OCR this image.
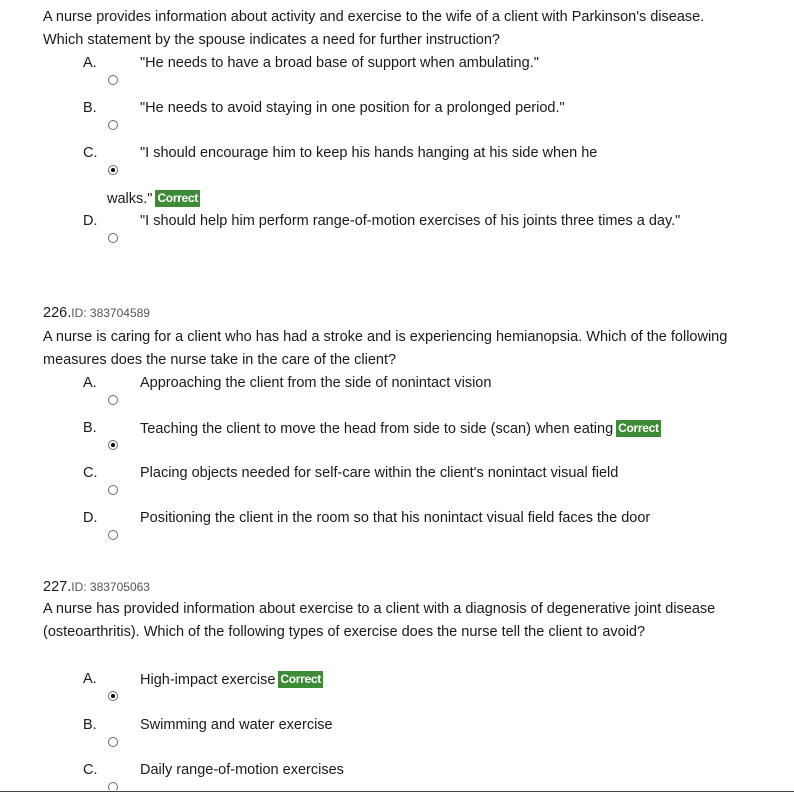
A nurse provides information about activity and exercise to the wife of a client with Parkinson's disease. Which statement by the spouse indicates a need for further instruction?
A.	"He needs to have a broad base of support when ambulating."
B.	"He needs to avoid staying in one position for a prolonged period."
C.	"I should encourage him to keep his hands hanging at his side when he
walks." Correct
D.	"I should help him perform range-of-motion exercises of his joints three times a day."
226.ID: 383704589
A nurse is caring for a client who has had a stroke and is experiencing hemianopsia. Which of the following measures does the nurse take in the care of the client?
A.	Approaching the client from the side of nonintact vision
B.	Teaching the client to move the head from side to side (scan) when eating Correct
C.	Placing objects needed for self-care within the client's nonintact visual field
D.	Positioning the client in the room so that his nonintact visual field faces the door
227.ID: 383705063
A nurse has provided information about exercise to a client with a diagnosis of degenerative joint disease (osteoarthritis). Which of the following types of exercise does the nurse tell the client to avoid?
A.	High-impact exercise Correct
B.	Swimming and water exercise
C.	Daily range-of-motion exercises
